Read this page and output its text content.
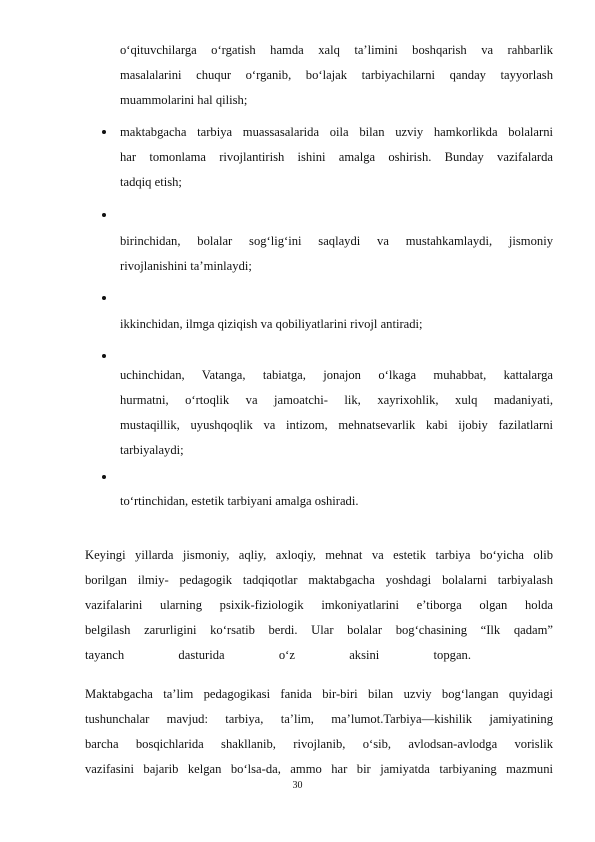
o‘qituvchilarga o‘rgatish hamda xalq ta’limini boshqarish va rahbarlik
masalalarini chuqur o‘rganib, bo‘lajak tarbiyachilarni qanday tayyorlash
muammolarini hal qilish;
maktabgacha tarbiya muassasalarida oila bilan uzviy hamkorlikda bolalarni
har tomonlama rivojlantirish ishini amalga oshirish. Bunday vazifalarda
tadqiq etish;
birinchidan, bolalar sog‘lig‘ini saqlaydi va mustahkamlaydi, jismoniy
rivojlanishini ta’minlaydi;
ikkinchidan, ilmga qiziqish va qobiliyatlarini rivojl antiradi;
uchinchidan, Vatanga, tabiatga, jonajon o‘lkaga muhabbat, kattalarga
hurmatni, o‘rtoqlik va jamoatchi- lik, xayrixohlik, xulq madaniyati,
mustaqillik, uyushqoqlik va intizom, mehnatsevarlik kabi ijobiy fazilatlarni
tarbiyalaydi;
to‘rtinchidan, estetik tarbiyani amalga oshiradi.
Keyingi yillarda jismoniy, aqliy, axloqiy, mehnat va estetik tarbiya bo‘yicha olib
borilgan ilmiy- pedagogik tadqiqotlar maktabgacha yoshdagi bolalarni tarbiyalash
vazifalarini ularning psixik-fiziologik imkoniyatlarini e’tiborga olgan holda
belgilash zarurligini ko‘rsatib berdi. Ular bolalar bog‘chasining “Ilk qadam”
tayanch dasturida o‘z aksini topgan.
Maktabgacha ta’lim pedagogikasi fanida bir-biri bilan uzviy bog‘langan quyidagi
tushunchalar mavjud: tarbiya, ta’lim, ma’lumot.Tarbiya—kishilik jamiyatining
barcha bosqichlarida shakllanib, rivojlanib, o‘sib, avlodsan-avlodga vorislik
vazifasini bajarib kelgan bo‘lsa-da, ammo har bir jamiyatda tarbiyaning mazmuni
30
